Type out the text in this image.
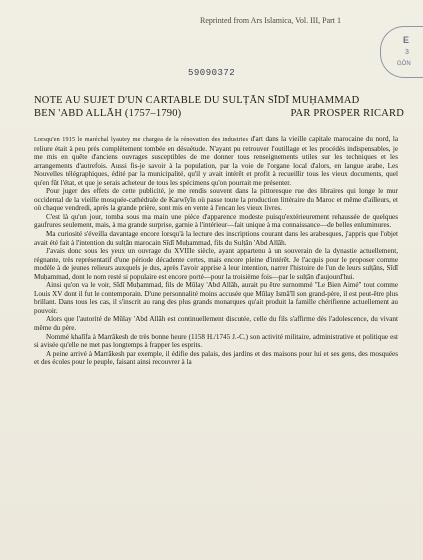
Reprinted from Ars Islamica, Vol. III, Part 1
E
3
GÖN
59090372
NOTE AU SUJET D'UN CARTABLE DU SULṬĀN SĪDĪ MUḤAMMAD
BEN 'ABD ALLĀH (1757–1790)	PAR PROSPER RICARD

Lorsqu'en 1915 le maréchal lyautey me chargea de la rénovation des industries d'art dans la vieille capitale marocaine du nord, la reliure était à peu près complètement tombée en désuétude. N'ayant pu retrouver l'outillage et les procédés indispensables, je me mis en quête d'anciens ouvrages susceptibles de me donner tous renseignements utiles sur les techniques et les arrangements d'autrefois. Aussi fis-je savoir à la population, par la voie de l'organe local d'alors, en langue arabe, Les Nouvelles télégraphiques, édité par la municipalité, qu'il y avait intérêt et profit à recueillir tous les vieux documents, quel qu'en fût l'état, et que je serais acheteur de tous les spécimens qu'on pourrait me présenter.

Pour juger des effets de cette publicité, je me rendis souvent dans la pittoresque rue des libraires qui longe le mur occidental de la vieille mosquée-cathédrale de Karwīyīn où passe toute la production littéraire du Maroc et même d'ailleurs, et où chaque vendredi, après la grande prière, sont mis en vente à l'encan les vieux livres.

C'est là qu'un jour, tomba sous ma main une pièce d'apparence modeste puisqu'extérieurement rehaussée de quelques gaufrures seulement, mais, à ma grande surprise, garnie à l'intérieur—fait unique à ma connaissance—de belles enluminures.

Ma curiosité s'éveilla davantage encore lorsqu'à la lecture des inscriptions courant dans les arabesques, j'appris que l'objet avait été fait à l'intention du sulṭān marocain Sīdī Muḥammad, fils du Sulṭān 'Abd Allāh.

J'avais donc sous les yeux un ouvrage du XVIIIe siècle, ayant appartenu à un souverain de la dynastie actuellement, régnante, très représentatif d'une période décadente certes, mais encore pleine d'intérêt. Je l'acquis pour le proposer comme modèle à de jeunes relieurs auxquels je dus, après l'avoir apprise à leur intention, narrer l'histoire de l'un de leurs sulṭāns, Sīdī Muḥammad, dont le nom resté si populaire est encore porté—pour la troisième fois—par le sulṭān d'aujourd'hui.

Ainsi qu'on va le voir, Sīdī Muḥammad, fils de Mūlay 'Abd Allāh, aurait pu être surnommé "Le Bien Aimé" tout comme Louis XV dont il fut le contemporain. D'une personnalité moins accusée que Mūlay Ismā'īl son grand-père, il est peut-être plus brillant. Dans tous les cas, il s'inscrit au rang des plus grands monarques qu'ait produit la famille chérifienne actuellement au pouvoir.

Alors que l'autorité de Mūlay 'Abd Allāh est continuellement discutée, celle du fils s'affirme dès l'adolescence, du vivant même du père.

Nommé khalīfa à Marrākesh de très bonne heure (1158 H./1745 J.-C.) son activité militaire, administrative et politique est si avisée qu'elle ne met pas longtemps à frapper les esprits.

A peine arrivé à Marrākesh par exemple, il édifie des palais, des jardins et des maisons pour lui et ses gens, des mosquées et des écoles pour le peuple, faisant ainsi recouvrer à la
